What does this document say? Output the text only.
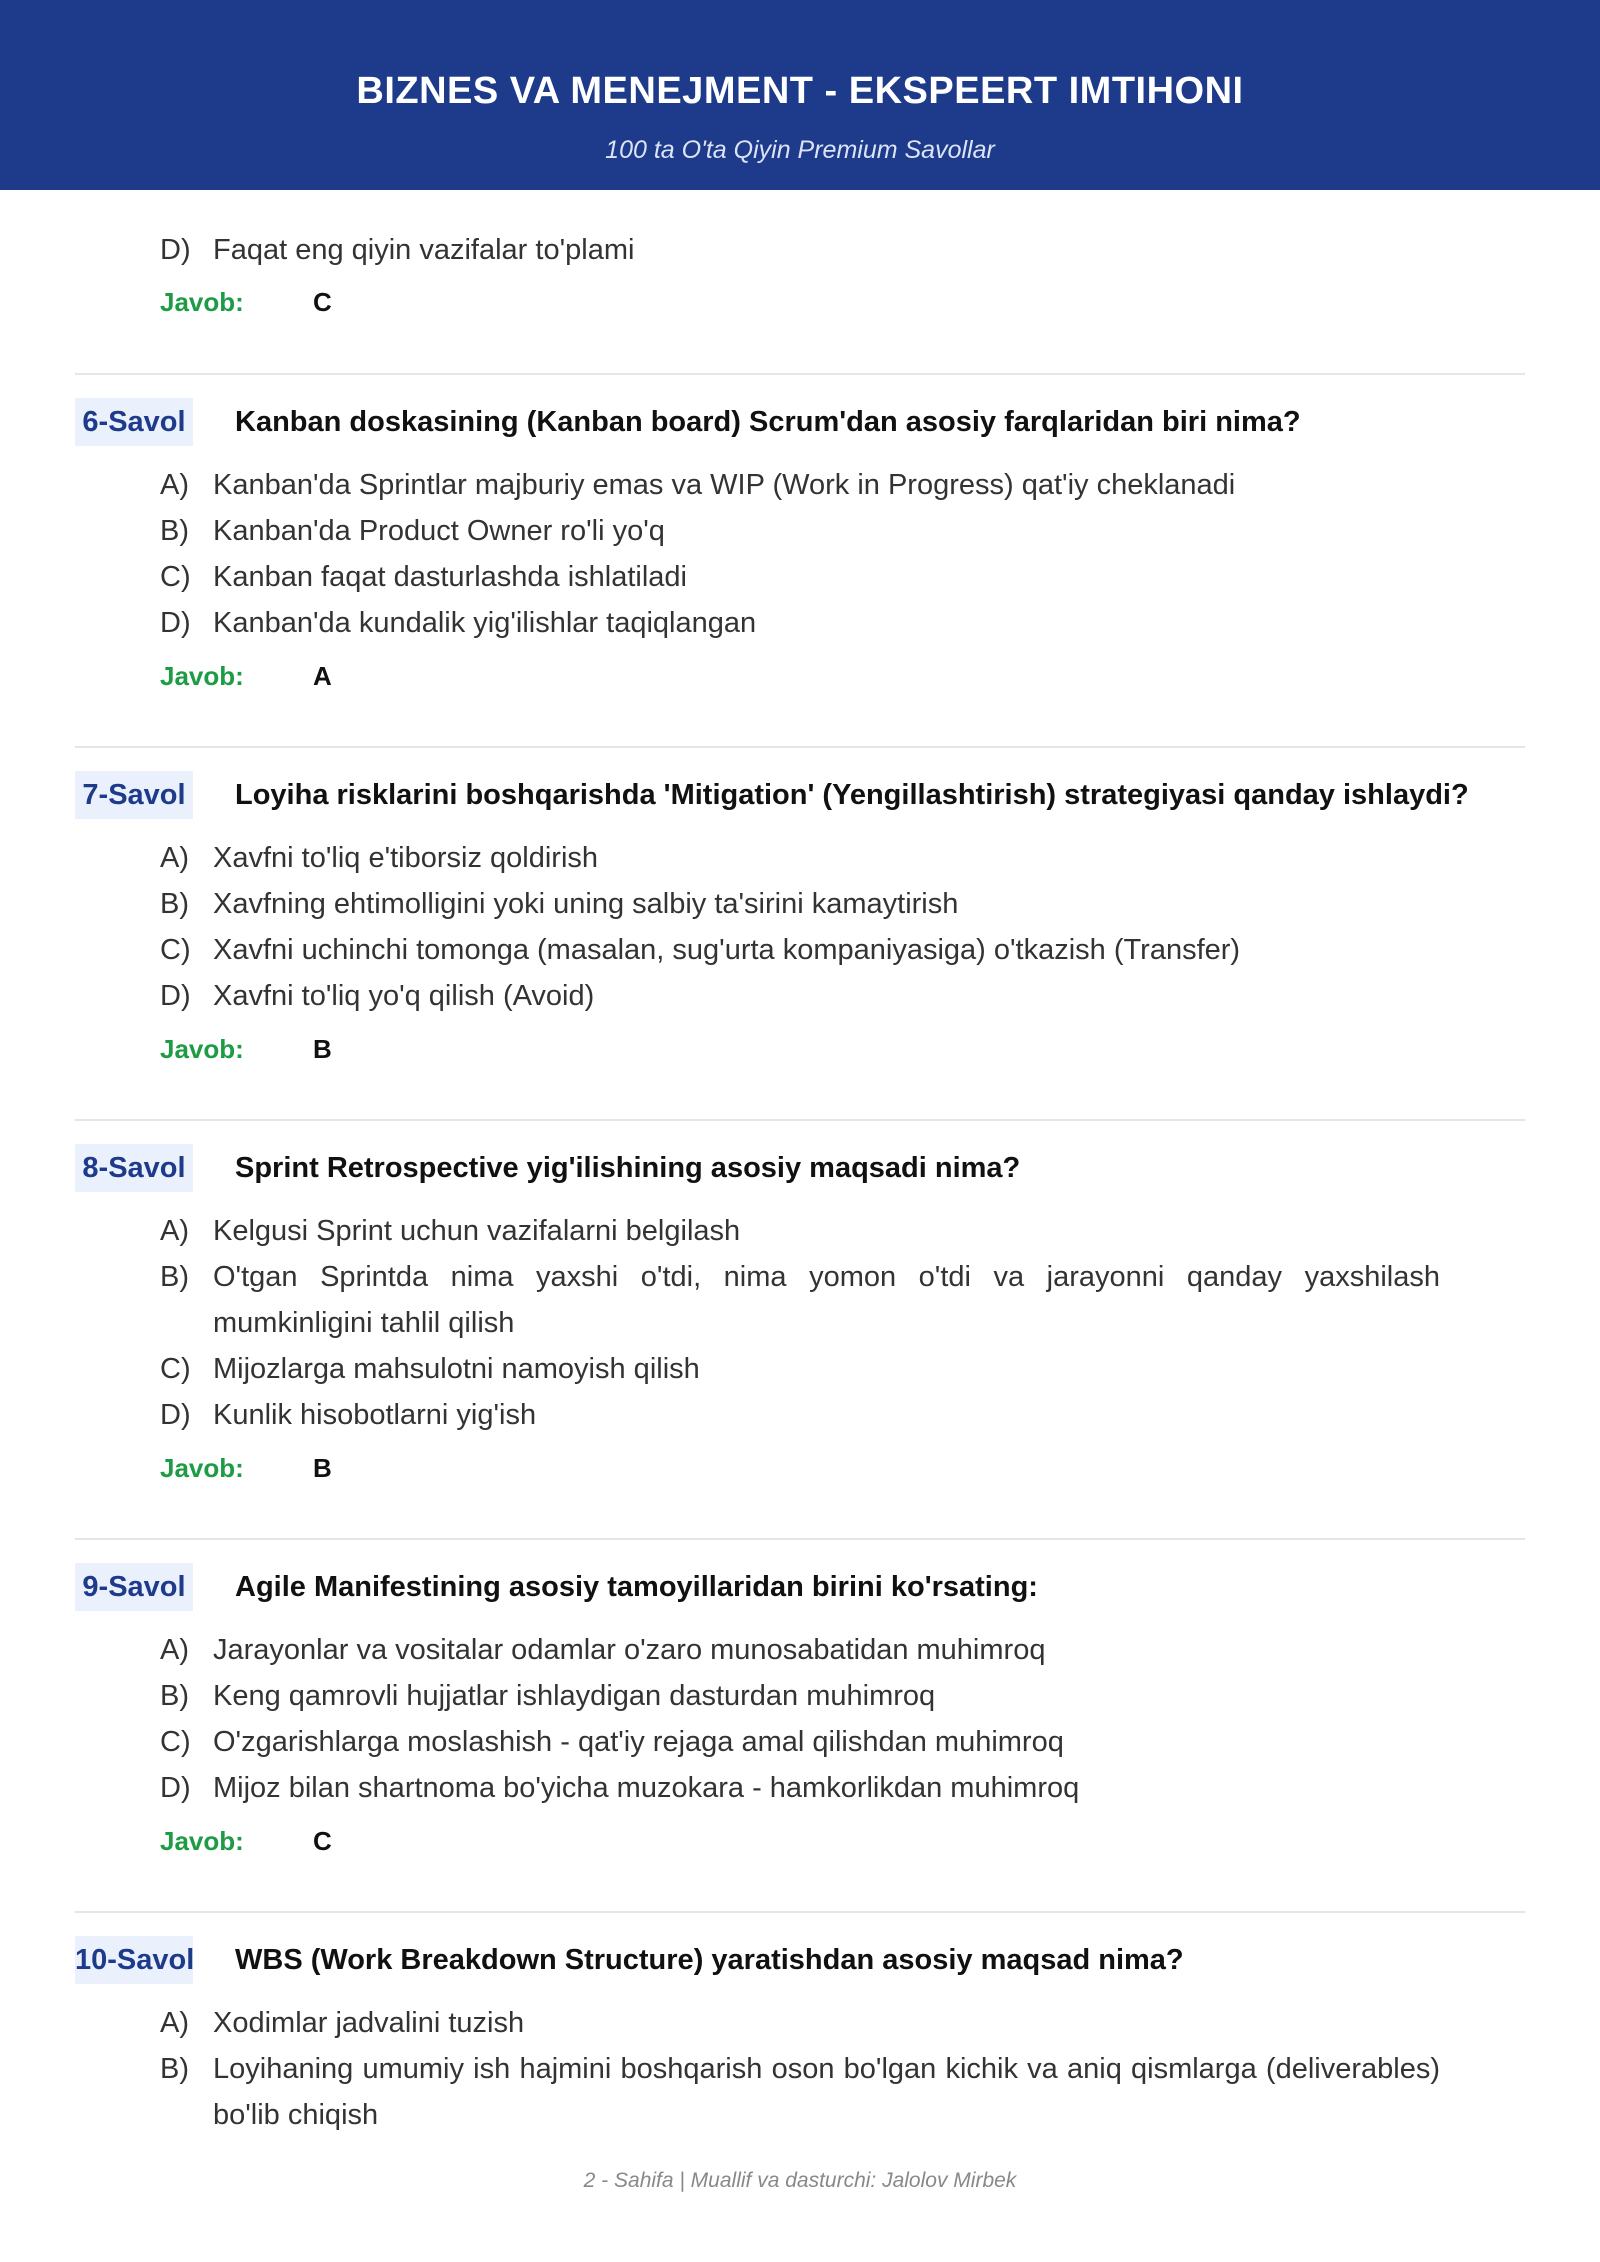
BIZNES VA MENEJMENT - EKSPEERT IMTIHONI
100 ta O'ta Qiyin Premium Savollar
D) Faqat eng qiyin vazifalar to'plami
Javob:	C
6-Savol Kanban doskasining (Kanban board) Scrum'dan asosiy farqlaridan biri nima?
A) Kanban'da Sprintlar majburiy emas va WIP (Work in Progress) qat'iy cheklanadi
B) Kanban'da Product Owner ro'li yo'q
C) Kanban faqat dasturlashda ishlatiladi
D) Kanban'da kundalik yig'ilishlar taqiqlangan
Javob:	A
7-Savol Loyiha risklarini boshqarishda 'Mitigation' (Yengillashtirish) strategiyasi qanday ishlaydi?
A) Xavfni to'liq e'tiborsiz qoldirish
B) Xavfning ehtimolligini yoki uning salbiy ta'sirini kamaytirish
C) Xavfni uchinchi tomonga (masalan, sug'urta kompaniyasiga) o'tkazish (Transfer)
D) Xavfni to'liq yo'q qilish (Avoid)
Javob:	B
8-Savol Sprint Retrospective yig'ilishining asosiy maqsadi nima?
A) Kelgusi Sprint uchun vazifalarni belgilash
B) O'tgan Sprintda nima yaxshi o'tdi, nima yomon o'tdi va jarayonni qanday yaxshilash mumkinligini tahlil qilish
C) Mijozlarga mahsulotni namoyish qilish
D) Kunlik hisobotlarni yig'ish
Javob:	B
9-Savol Agile Manifestining asosiy tamoyillaridan birini ko'rsating:
A) Jarayonlar va vositalar odamlar o'zaro munosabatidan muhimroq
B) Keng qamrovli hujjatlar ishlaydigan dasturdan muhimroq
C) O'zgarishlarga moslashish - qat'iy rejaga amal qilishdan muhimroq
D) Mijoz bilan shartnoma bo'yicha muzokara - hamkorlikdan muhimroq
Javob:	C
10-Savol WBS (Work Breakdown Structure) yaratishdan asosiy maqsad nima?
A) Xodimlar jadvalini tuzish
B) Loyihaning umumiy ish hajmini boshqarish oson bo'lgan kichik va aniq qismlarga (deliverables) bo'lib chiqish
2 - Sahifa | Muallif va dasturchi: Jalolov Mirbek
